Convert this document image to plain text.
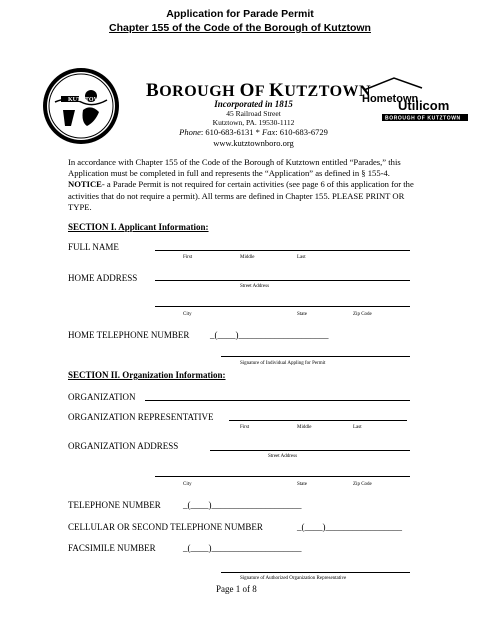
Application for Parade Permit
Chapter 155 of the Code of the Borough of Kutztown
KUTZTOWN BOROUGH OF KUTZTOWN
Incorporated in 1815
45 Railroad Street
Kutztown, PA. 19530-1112
Phone: 610-683-6131 * Fax: 610-683-6729
www.kutztownboro.org
Hometown
Utilicom
BOROUGH OF KUTZTOWN
In accordance with Chapter 155 of the Code of the Borough of Kutztown entitled “Parades,” this Application must be completed in full and represents the “Application” as defined in § 155-4. NOTICE- a Parade Permit is not required for certain activities (see page 6 of this application for the activities that do not require a permit). All terms are defined in Chapter 155. PLEASE PRINT OR TYPE.
SECTION I. Applicant Information:
FULL NAME
First	Middle	Last
HOME ADDRESS
Street Address
City	State	Zip Code
HOME TELEPHONE NUMBER _(____)____________________
Signature of Individual Appling for Permit
SECTION II. Organization Information:
ORGANIZATION
ORGANIZATION REPRESENTATIVE
First	Middle	Last
ORGANIZATION ADDRESS
Street Address
City	State	Zip Code
TELEPHONE NUMBER _(____)____________________
CELLULAR OR SECOND TELEPHONE NUMBER	_(____)_________________
FACSIMILE NUMBER	_(____)____________________
Signature of Authorized Organization Representative
Page 1 of 8
